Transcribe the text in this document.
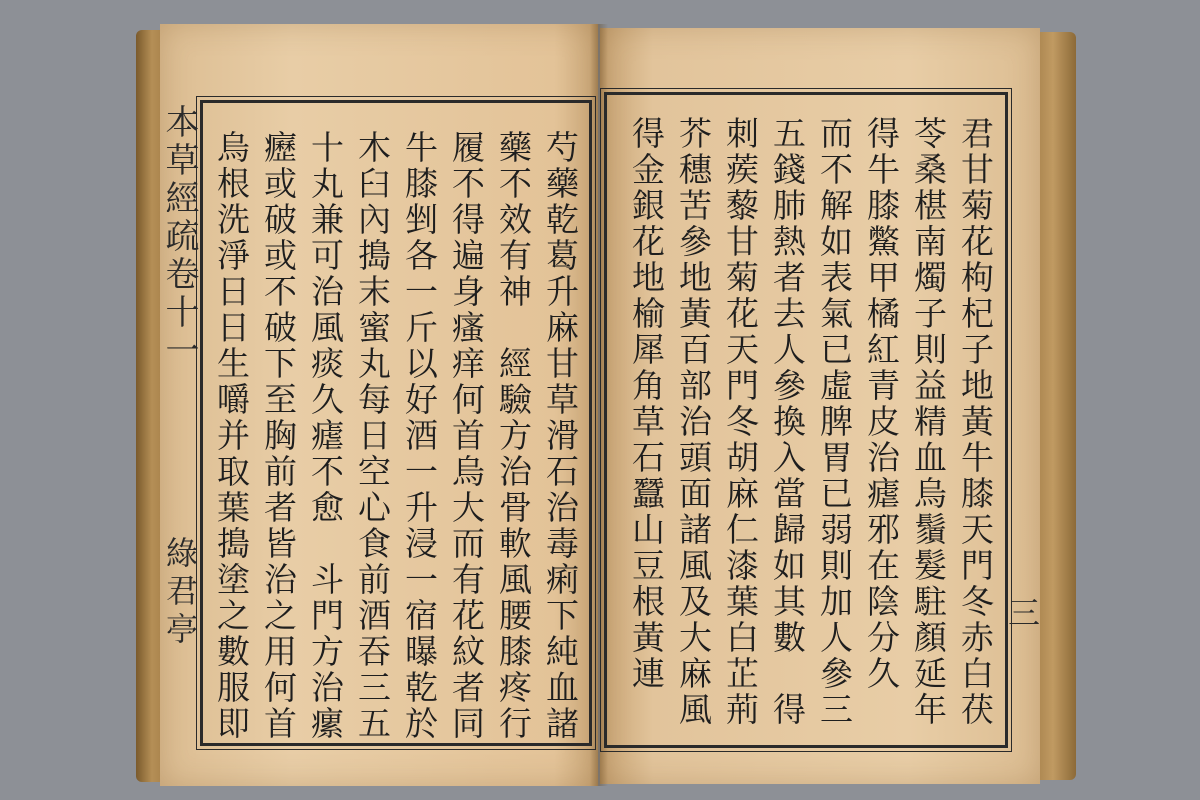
本草經疏卷十一
綠君亭	芍藥乾葛升麻甘草滑石治毒痢下純血諸
藥不效有神　經驗方治骨軟風腰膝疼行
履不得遍身瘙痒何首烏大而有花紋者同
牛膝剉各一斤以好酒一升浸一宿曝乾於
木臼內搗末蜜丸每日空心食前酒吞三五
十丸兼可治風痰久瘧不愈　斗門方治瘰
癧或破或不破下至胸前者皆治之用何首
烏根洗淨日日生嚼并取葉搗塗之數服即	君甘菊花枸杞子地黃牛膝天門冬赤白茯
苓桑椹南燭子則益精血烏鬚髮駐顏延年
得牛膝鱉甲橘紅青皮治瘧邪在陰分久
而不解如表氣已虛脾胃已弱則加人參三
五錢肺熱者去人參換入當歸如其數　得
刺蒺藜甘菊花天門冬胡麻仁漆葉白芷荊
芥穗苦參地黃百部治頭面諸風及大麻風
得金銀花地榆犀角草石蠶山豆根黃連	三
